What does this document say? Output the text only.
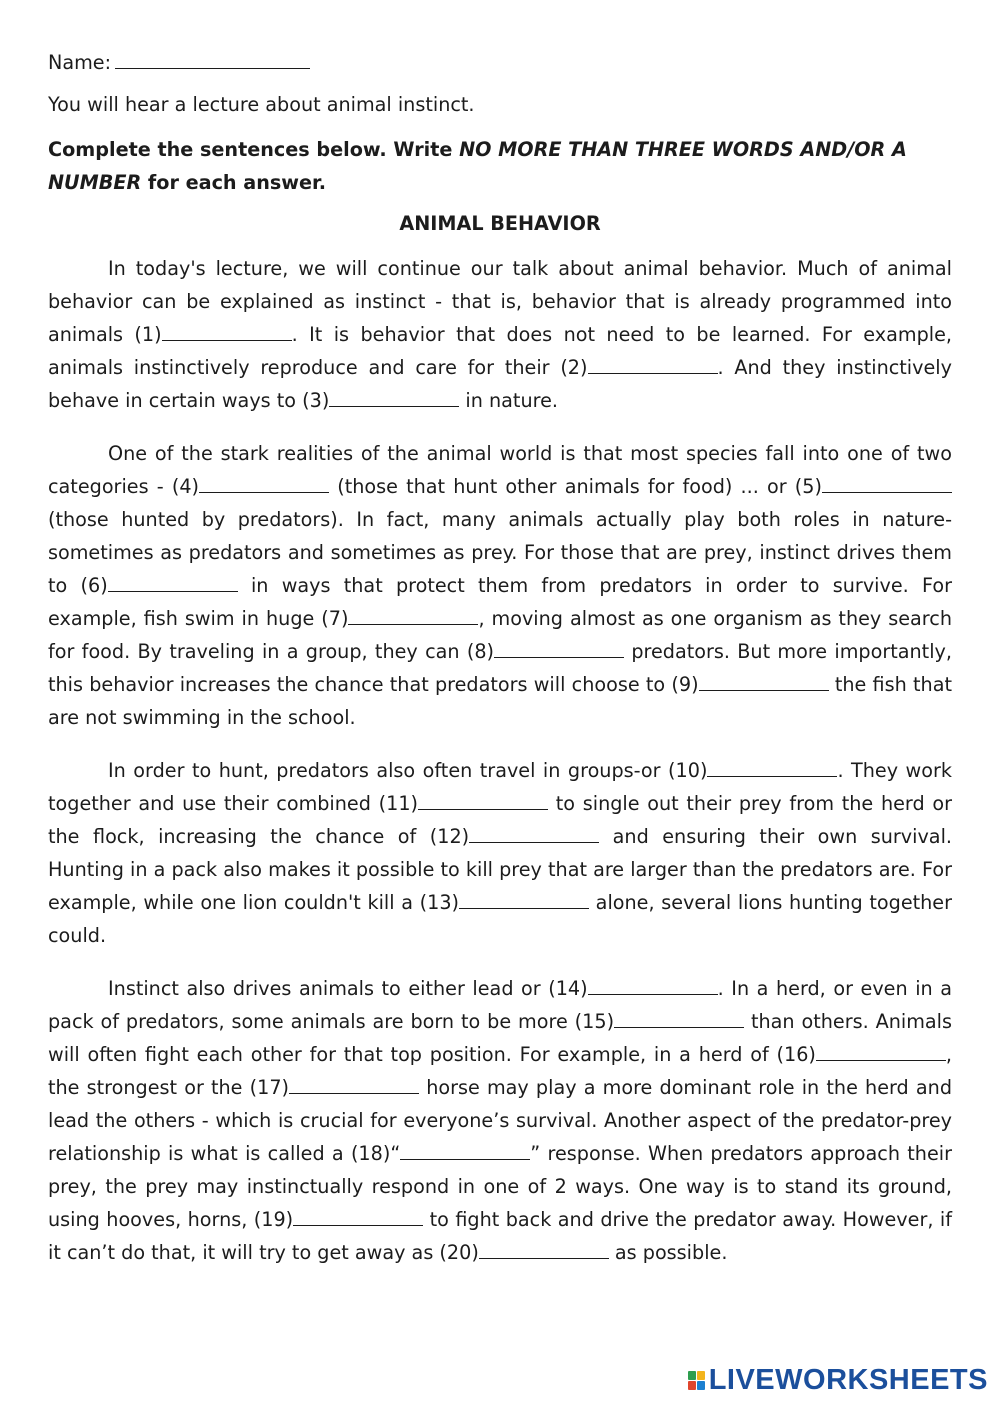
Name:
You will hear a lecture about animal instinct.
Complete the sentences below. Write NO MORE THAN THREE WORDS AND/OR A
NUMBER for each answer.
ANIMAL BEHAVIOR

In today's lecture, we will continue our talk about animal behavior. Much of animal behavior can be explained as instinct - that is, behavior that is already programmed into animals (1)	. It is behavior that does not need to be learned. For example, animals instinctively reproduce and care for their (2)	. And they instinctively behave in certain ways to (3)	in nature.

One of the stark realities of the animal world is that most species fall into one of two categories - (4)	(those that hunt other animals for food) ... or (5) (those hunted by predators). In fact, many animals actually play both roles in nature-sometimes as predators and sometimes as prey. For those that are prey, instinct drives them to (6)	in ways that protect them from predators in order to survive. For example, fish swim in huge (7)	, moving almost as one organism as they search for food. By traveling in a group, they can (8)	predators. But more importantly, this behavior increases the chance that predators will choose to (9)	the fish that are not swimming in the school.

In order to hunt, predators also often travel in groups-or (10)	. They work together and use their combined (11)	to single out their prey from the herd or the flock, increasing the chance of (12)	and ensuring their own survival. Hunting in a pack also makes it possible to kill prey that are larger than the predators are. For example, while one lion couldn't kill a (13)	alone, several lions hunting together could.

Instinct also drives animals to either lead or (14)	. In a herd, or even in a pack of predators, some animals are born to be more (15)	than others. Animals will often fight each other for that top position. For example, in a herd of (16)	, the strongest or the (17)	horse may play a more dominant role in the herd and lead the others - which is crucial for everyone’s survival. Another aspect of the predator-prey relationship is what is called a (18)“	” response. When predators approach their prey, the prey may instinctually respond in one of 2 ways. One way is to stand its ground, using hooves, horns, (19)	to fight back and drive the predator away. However, if it can’t do that, it will try to get away as (20)	as possible.

LIVEWORKSHEETS
